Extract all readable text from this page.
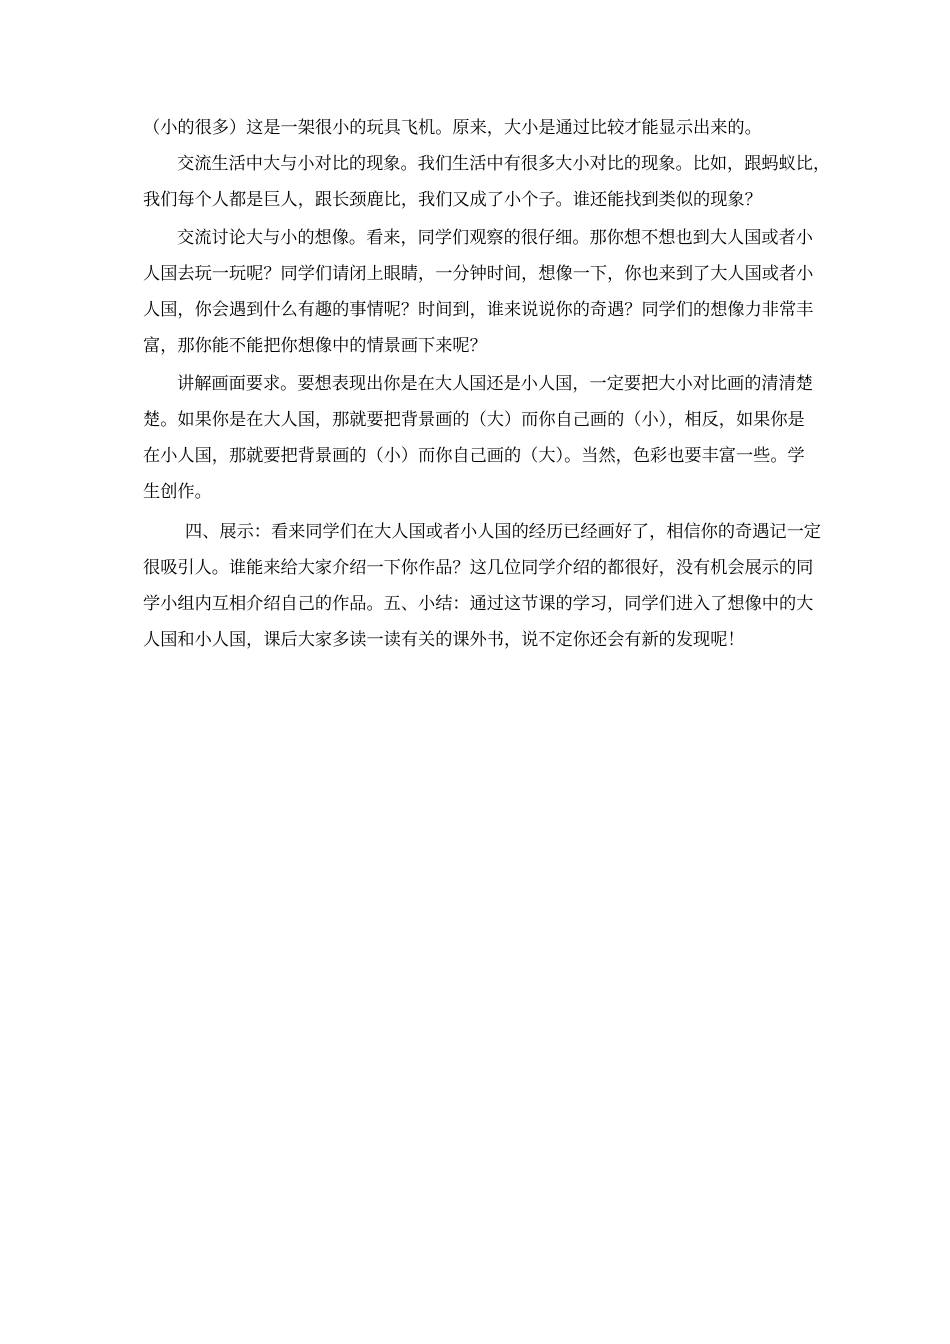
（小的很多）这是一架很小的玩具飞机。原来，大小是通过比较才能显示出来的。
交流生活中大与小对比的现象。我们生活中有很多大小对比的现象。比如，跟蚂蚁比，
我们每个人都是巨人，跟长颈鹿比，我们又成了小个子。谁还能找到类似的现象？
交流讨论大与小的想像。看来，同学们观察的很仔细。那你想不想也到大人国或者小
人国去玩一玩呢？同学们请闭上眼睛，一分钟时间，想像一下，你也来到了大人国或者小
人国，你会遇到什么有趣的事情呢？时间到，谁来说说你的奇遇？同学们的想像力非常丰
富，那你能不能把你想像中的情景画下来呢？
讲解画面要求。要想表现出你是在大人国还是小人国，一定要把大小对比画的清清楚
楚。如果你是在大人国，那就要把背景画的（大）而你自己画的（小），相反，如果你是
在小人国，那就要把背景画的（小）而你自己画的（大）。当然，色彩也要丰富一些。学
生创作。
四、展示：看来同学们在大人国或者小人国的经历已经画好了，相信你的奇遇记一定
很吸引人。谁能来给大家介绍一下你作品？这几位同学介绍的都很好，没有机会展示的同
学小组内互相介绍自己的作品。五、小结：通过这节课的学习，同学们进入了想像中的大
人国和小人国，课后大家多读一读有关的课外书，说不定你还会有新的发现呢！
